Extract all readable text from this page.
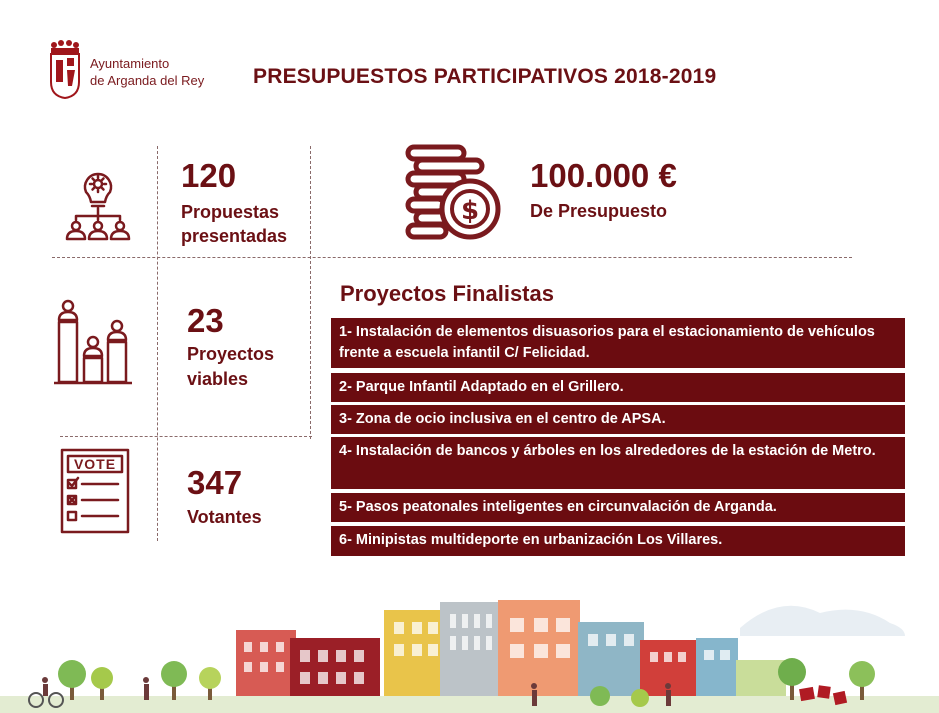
Ayuntamiento
de Arganda del Rey PRESUPUESTOS PARTICIPATIVOS 2018-2019
120
Propuestas
presentadas
$
100.000 €
De Presupuesto
23
Proyectos
viables
VOTE 347
Votantes
Proyectos Finalistas
1- Instalación de elementos disuasorios para el estacionamiento de vehículos frente a escuela infantil C/ Felicidad.
2- Parque Infantil Adaptado en el Grillero.
3- Zona de ocio inclusiva en el centro de APSA.
4- Instalación de bancos y árboles en los alrededores de la estación de Metro.
5- Pasos peatonales inteligentes en circunvalación de Arganda.
6- Minipistas multideporte en urbanización Los Villares.
